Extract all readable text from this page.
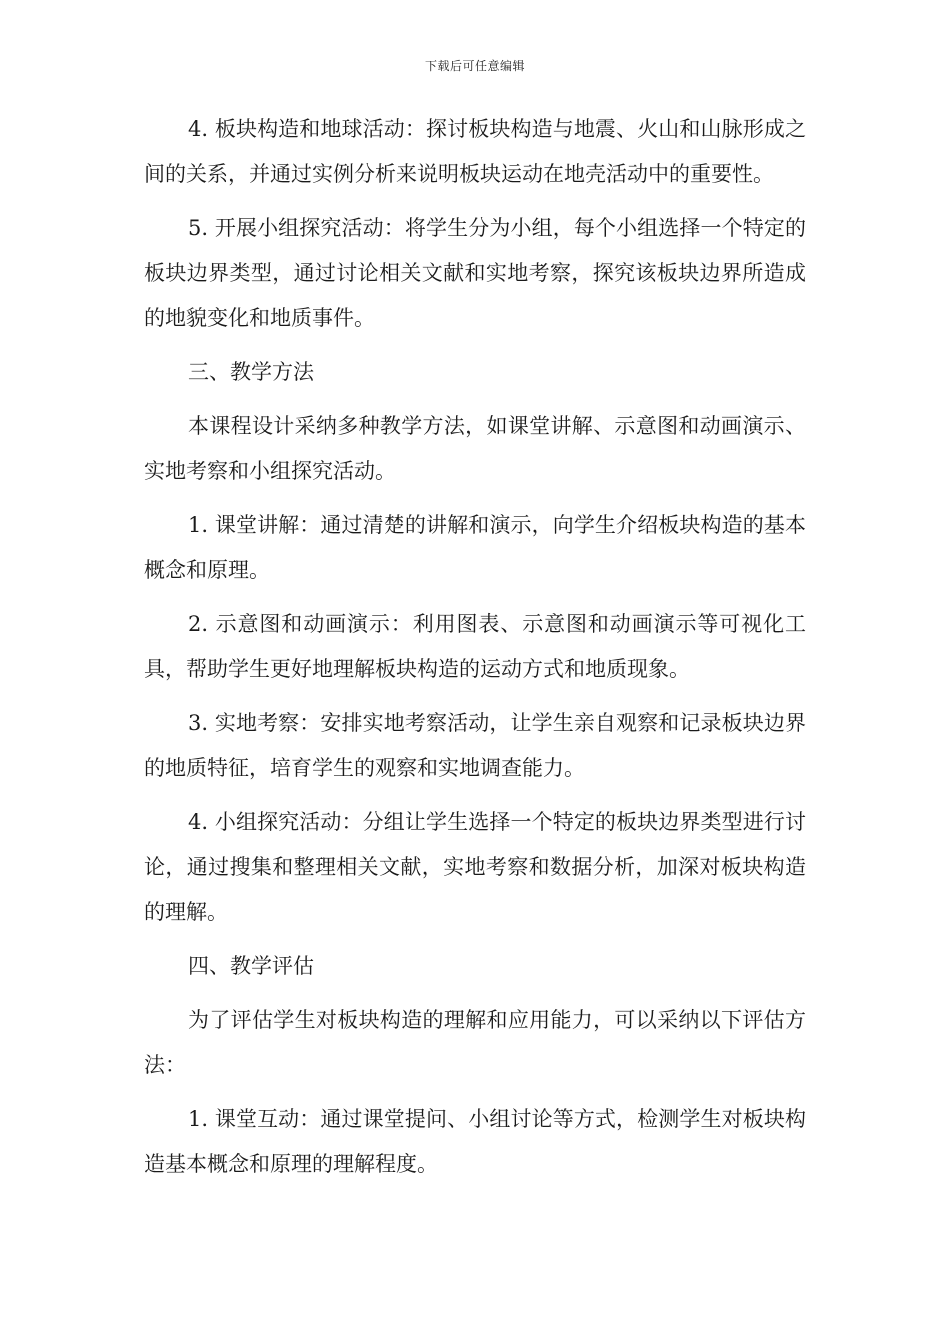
下载后可任意编辑

4. 板块构造和地球活动：探讨板块构造与地震、火山和山脉形成之间的关系，并通过实例分析来说明板块运动在地壳活动中的重要性。

5. 开展小组探究活动：将学生分为小组，每个小组选择一个特定的板块边界类型，通过讨论相关文献和实地考察，探究该板块边界所造成的地貌变化和地质事件。

三、教学方法

本课程设计采纳多种教学方法，如课堂讲解、示意图和动画演示、实地考察和小组探究活动。

1. 课堂讲解：通过清楚的讲解和演示，向学生介绍板块构造的基本概念和原理。

2. 示意图和动画演示：利用图表、示意图和动画演示等可视化工具，帮助学生更好地理解板块构造的运动方式和地质现象。

3. 实地考察：安排实地考察活动，让学生亲自观察和记录板块边界的地质特征，培育学生的观察和实地调查能力。

4. 小组探究活动：分组让学生选择一个特定的板块边界类型进行讨论，通过搜集和整理相关文献，实地考察和数据分析，加深对板块构造的理解。

四、教学评估

为了评估学生对板块构造的理解和应用能力，可以采纳以下评估方法：

1. 课堂互动：通过课堂提问、小组讨论等方式，检测学生对板块构造基本概念和原理的理解程度。
